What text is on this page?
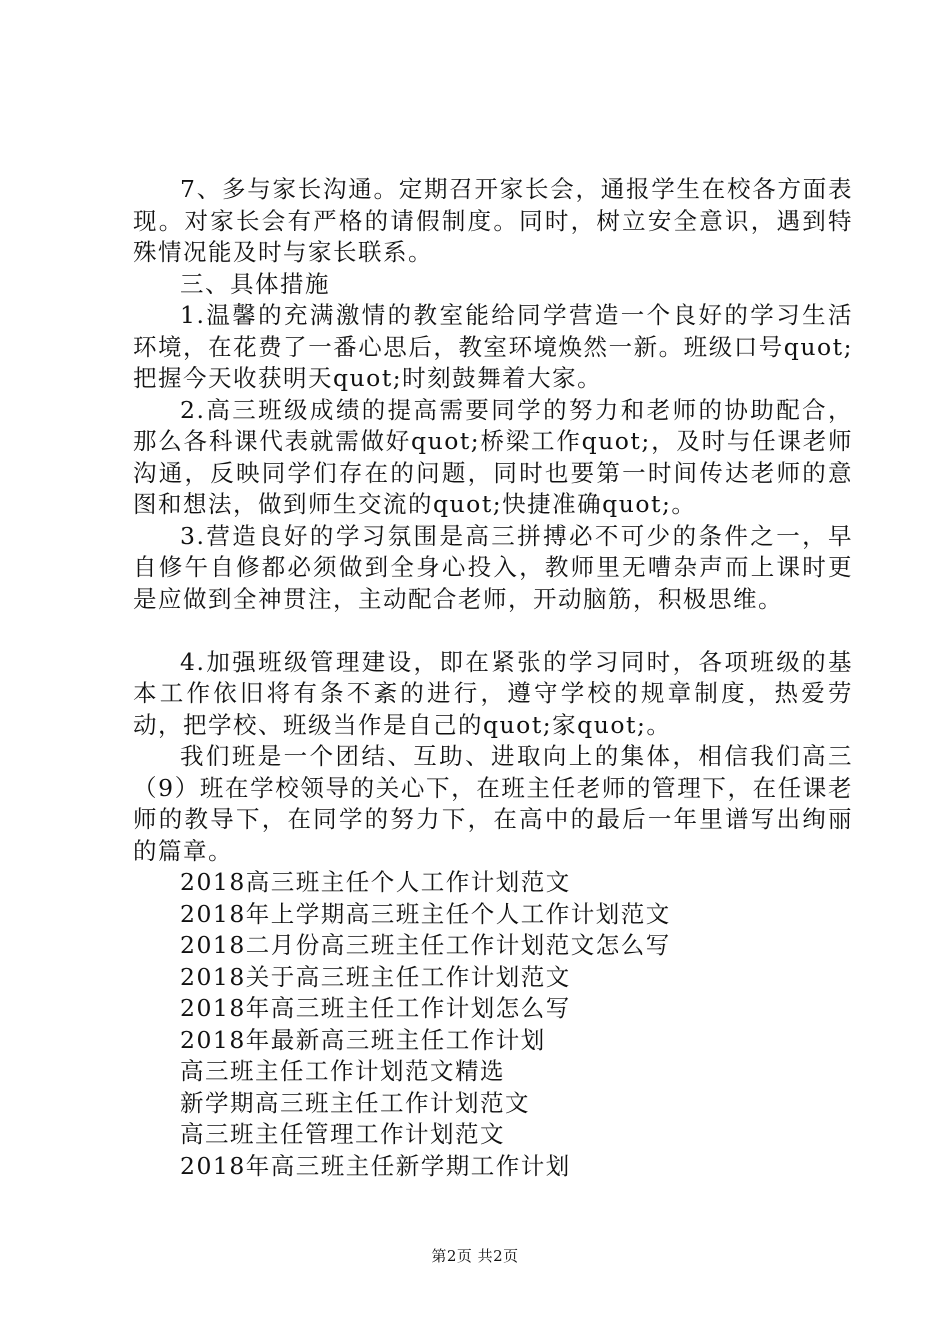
7、多与家长沟通。定期召开家长会，通报学生在校各方面表现。对家长会有严格的请假制度。同时，树立安全意识，遇到特殊情况能及时与家长联系。

三、具体措施

1.温馨的充满激情的教室能给同学营造一个良好的学习生活环境，在花费了一番心思后，教室环境焕然一新。班级口号quot;把握今天收获明天quot;时刻鼓舞着大家。

2.高三班级成绩的提高需要同学的努力和老师的协助配合，那么各科课代表就需做好quot;桥梁工作quot;，及时与任课老师沟通，反映同学们存在的问题，同时也要第一时间传达老师的意图和想法，做到师生交流的quot;快捷准确quot;。

3.营造良好的学习氛围是高三拼搏必不可少的条件之一，早自修午自修都必须做到全身心投入，教师里无嘈杂声而上课时更是应做到全神贯注，主动配合老师，开动脑筋，积极思维。

4.加强班级管理建设，即在紧张的学习同时，各项班级的基本工作依旧将有条不紊的进行，遵守学校的规章制度，热爱劳动，把学校、班级当作是自己的quot;家quot;。

我们班是一个团结、互助、进取向上的集体，相信我们高三（9）班在学校领导的关心下，在班主任老师的管理下，在任课老师的教导下，在同学的努力下，在高中的最后一年里谱写出绚丽的篇章。

2018高三班主任个人工作计划范文
2018年上学期高三班主任个人工作计划范文
2018二月份高三班主任工作计划范文怎么写
2018关于高三班主任工作计划范文
2018年高三班主任工作计划怎么写
2018年最新高三班主任工作计划
高三班主任工作计划范文精选
新学期高三班主任工作计划范文
高三班主任管理工作计划范文
2018年高三班主任新学期工作计划
第2页 共2页
